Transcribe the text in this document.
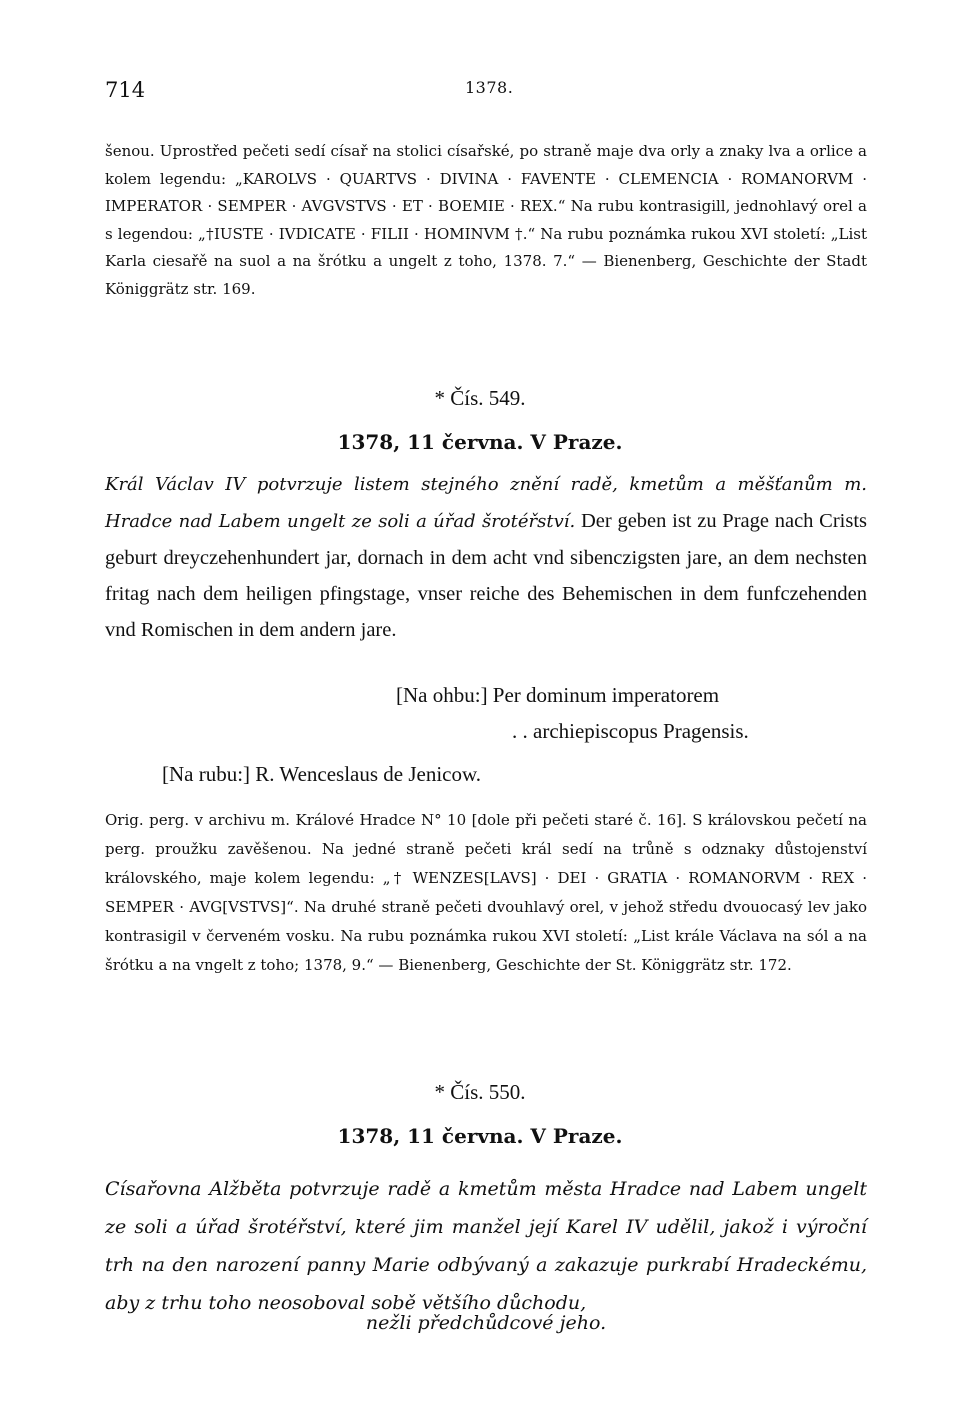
714	1378.
šenou. Uprostřed pečeti sedí císař na stolici císařské, po straně maje dva orly a znaky lva a orlice a kolem legendu: „KAROLVS · QUARTVS · DIVINA · FAVENTE · CLEMENCIA · ROMANORVM · IMPERATOR · SEMPER · AVGVSTVS · ET · BOEMIE · REX.“ Na rubu kontrasigill, jednohlavý orel a s legendou: „†IUSTE · IVDICATE · FILII · HOMINVM †.“ Na rubu poznámka rukou XVI století: „List Karla ciesařě na suol a na šrótku a ungelt z toho, 1378. 7.“ — Bienenberg, Geschichte der Stadt Königgrätz str. 169.
* Čís. 549.
1378, 11 června. V Praze.
Král Václav IV potvrzuje listem stejného znění radě, kmetům a měšťanům m. Hradce nad Labem ungelt ze soli a úřad šrotéřství. Der geben ist zu Prage nach Crists geburt dreyczehenhundert jar, dornach in dem acht vnd sibenczigsten jare, an dem nechsten fritag nach dem heiligen pfingstage, vnser reiche des Behemischen in dem funfczehenden vnd Romischen in dem andern jare.
[Na ohbu:] Per dominum imperatorem
. . archiepiscopus Pragensis.
[Na rubu:] R. Wenceslaus de Jenicow.
Orig. perg. v archivu m. Králové Hradce N° 10 [dole při pečeti staré č. 16]. S královskou pečetí na perg. proužku zavěšenou. Na jedné straně pečeti král sedí na trůně s odznaky důstojenství královského, maje kolem legendu: „† WENZES[LAVS] · DEI · GRATIA · ROMANORVM · REX · SEMPER · AVG[VSTVS]“. Na druhé straně pečeti dvouhlavý orel, v jehož středu dvouocasý lev jako kontrasigil v červeném vosku. Na rubu poznámka rukou XVI století: „List krále Václava na sól a na šrótku a na vngelt z toho; 1378, 9.“ — Bienenberg, Geschichte der St. Königgrätz str. 172.
* Čís. 550.
1378, 11 června. V Praze.
Císařovna Alžběta potvrzuje radě a kmetům města Hradce nad Labem ungelt ze soli a úřad šrotéřství, které jim manžel její Karel IV udělil, jakož i výroční trh na den narození panny Marie odbývaný a zakazuje purkrabí Hradeckému, aby z trhu toho neosoboval sobě většího důchodu,
nežli předchůdcové jeho.
